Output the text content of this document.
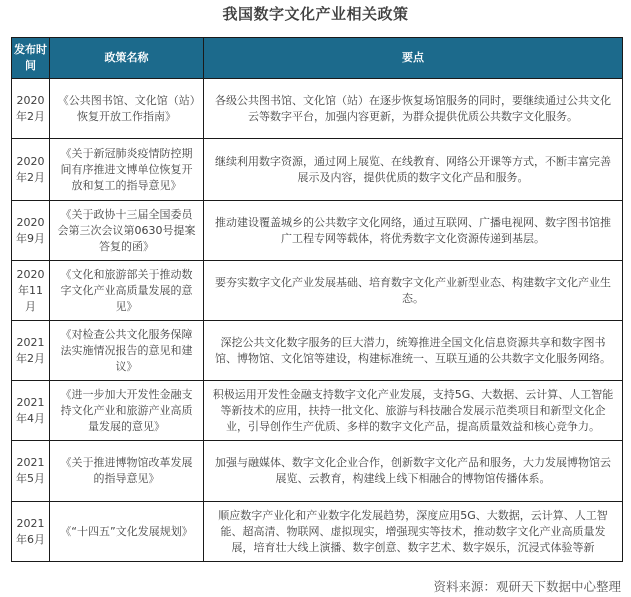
我国数字文化产业相关政策
发布时间	政策名称	要点
2020年2月	《公共图书馆、文化馆（站）恢复开放工作指南》	各级公共图书馆、文化馆（站）在逐步恢复场馆服务的同时，要继续通过公共文化云等数字平台，加强内容更新，为群众提供优质公共数字文化服务。
2020年2月	《关于新冠肺炎疫情防控期间有序推进文博单位恢复开放和复工的指导意见》	继续利用数字资源，通过网上展览、在线教育、网络公开课等方式，不断丰富完善展示及内容，提供优质的数字文化产品和服务。
2020年9月	《关于政协十三届全国委员会第三次会议第0630号提案答复的函》	推动建设覆盖城乡的公共数字文化网络，通过互联网、广播电视网、数字图书馆推广工程专网等载体，将优秀数字文化资源传递到基层。
2020年11月	《文化和旅游部关于推动数字文化产业高质量发展的意见》	要夯实数字文化产业发展基础、培育数字文化产业新型业态、构建数字文化产业生态。
2021年2月	《对检查公共文化服务保障法实施情况报告的意见和建议》	深挖公共文化数字服务的巨大潜力，统筹推进全国文化信息资源共享和数字图书馆、博物馆、文化馆等建设，构建标准统一、互联互通的公共数字文化服务网络。
2021年4月	《进一步加大开发性金融支持文化产业和旅游产业高质量发展的意见》	积极运用开发性金融支持数字文化产业发展，支持5G、大数据、云计算、人工智能等新技术的应用，扶持一批文化、旅游与科技融合发展示范类项目和新型文化企业，引导创作生产优质、多样的数字文化产品，提高质量效益和核心竞争力。
2021年5月	《关于推进博物馆改革发展的指导意见》	加强与融媒体、数字文化企业合作，创新数字文化产品和服务，大力发展博物馆云展览、云教育，构建线上线下相融合的博物馆传播体系。
2021年6月	《“十四五”文化发展规划》	顺应数字产业化和产业数字化发展趋势，深度应用5G、大数据，云计算、人工智能、超高清、物联网、虚拟现实，增强现实等技术，推动数字文化产业高质量发展，培育壮大线上演播、数字创意、数字艺术、数字娱乐，沉浸式体验等新
资料来源：观研天下数据中心整理
